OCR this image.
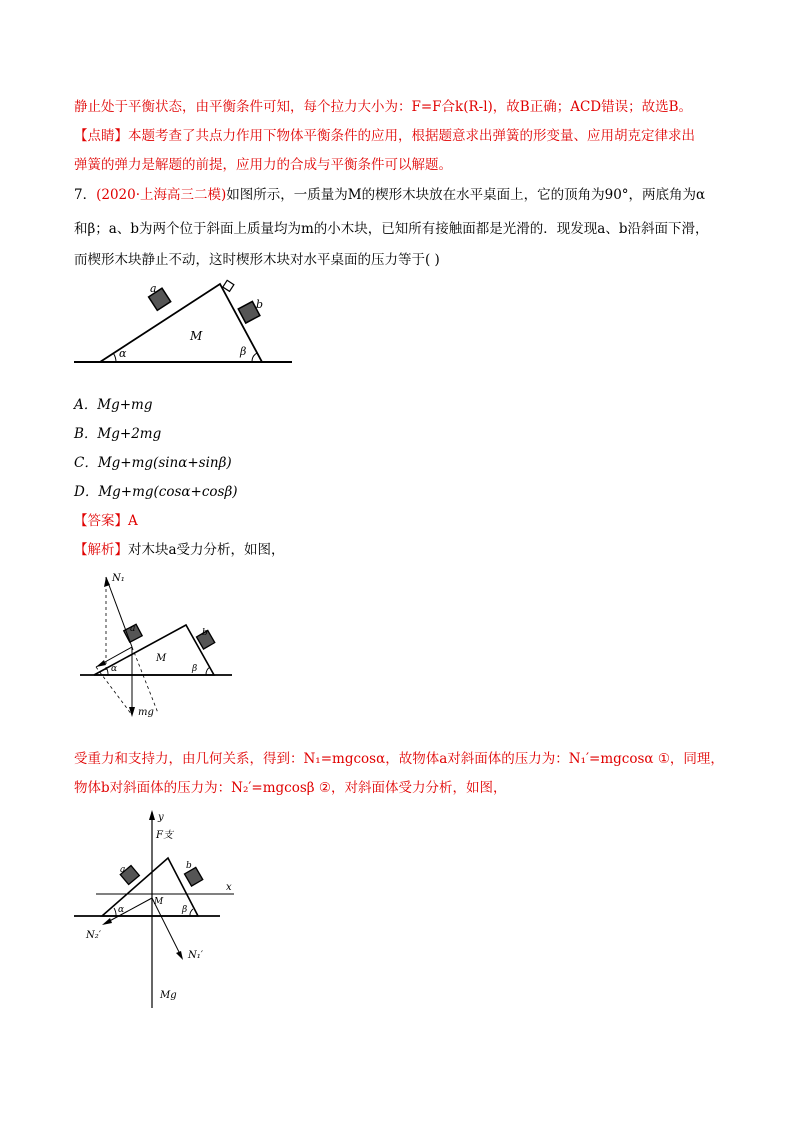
静止处于平衡状态，由平衡条件可知，每个拉力大小为：F=F合k(R-l)，故B正确；ACD错误；故选B。
【点睛】本题考查了共点力作用下物体平衡条件的应用，根据题意求出弹簧的形变量、应用胡克定律求出
弹簧的弹力是解题的前提，应用力的合成与平衡条件可以解题。
7．(2020·上海高三二模)如图所示，一质量为M的楔形木块放在水平桌面上，它的顶角为90°，两底角为α
和β；a、b为两个位于斜面上质量均为m的小木块，已知所有接触面都是光滑的．现发现a、b沿斜面下滑，
而楔形木块静止不动，这时楔形木块对水平桌面的压力等于( )
a
b
M
α	β
A．Mg+mg
B．Mg+2mg
C．Mg+mg(sinα+sinβ)
D．Mg+mg(cosα+cosβ)
【答案】A
【解析】对木块a受力分析，如图，
N₁
a	b
M
α	β
mg
受重力和支持力，由几何关系，得到：N₁=mgcosα，故物体a对斜面体的压力为：N₁′=mgcosα ①，同理，
物体b对斜面体的压力为：N₂′=mgcosβ ②，对斜面体受力分析，如图，
y
F支
x
a	b
M
α	β
N₂′
N₁′
Mg
